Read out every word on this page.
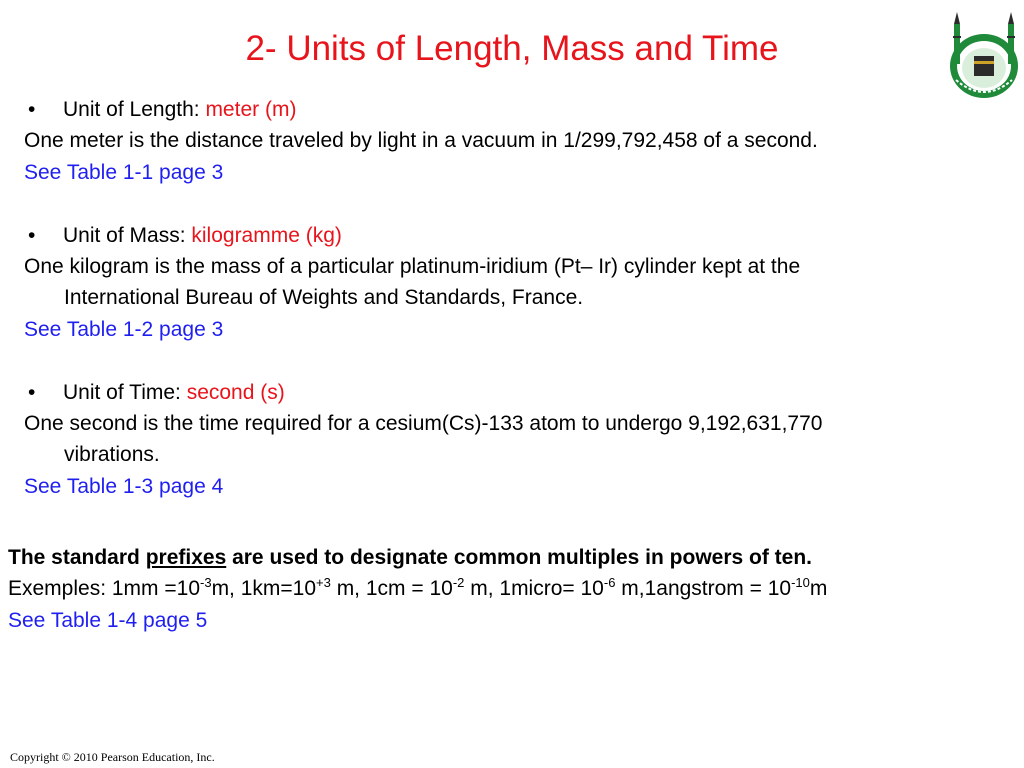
2- Units of Length, Mass and Time
• Unit of Length: meter (m)
One meter is the distance traveled by light in a vacuum in 1/299,792,458 of a second.
See Table 1-1 page 3
• Unit of Mass: kilogramme (kg)
One kilogram is the mass of a particular platinum-iridium (Pt– Ir) cylinder kept at the
International Bureau of Weights and Standards, France.
See Table 1-2 page 3
• Unit of Time: second (s)
One second is the time required for a cesium(Cs)-133 atom to undergo 9,192,631,770
vibrations.
See Table 1-3 page 4
The standard prefixes are used to designate common multiples in powers of ten.
Exemples: $1mm =10^{-3}m$, $1km=10^{+3}$ m, $1cm = 10^{-2}$ m, 1micro= $10^{-6}$ m,1angstrom = $10^{-10}m$
See Table 1-4 page 5
Copyright © 2010 Pearson Education, Inc.
